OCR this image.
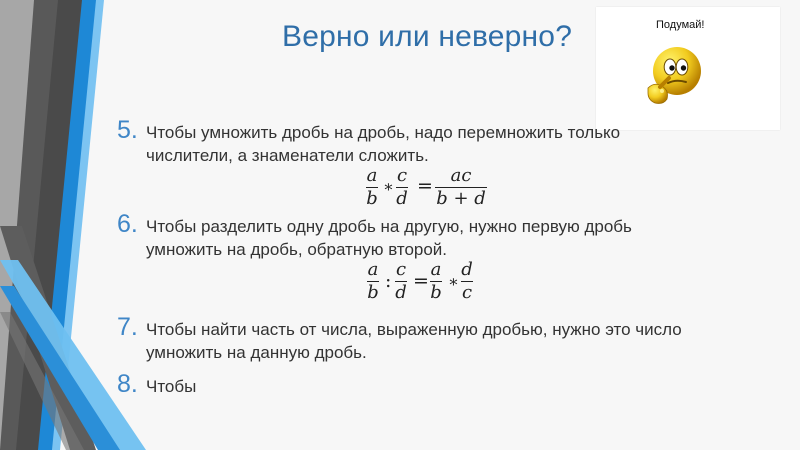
Верно или неверно?	Подумай!
5. Чтобы умножить дробь на дробь, надо перемножить только
числители, а знаменатели сложить.
a
b
∗
c
d
= ac
b + d
6. Чтобы разделить одну дробь на другую, нужно первую дробь
умножить на дробь, обратную второй.
a
b
:
c
d
=
a
b
∗
d
c
7. Чтобы найти часть от числа, выраженную дробью, нужно это число
умножить на данную дробь.
8. Чтобы
